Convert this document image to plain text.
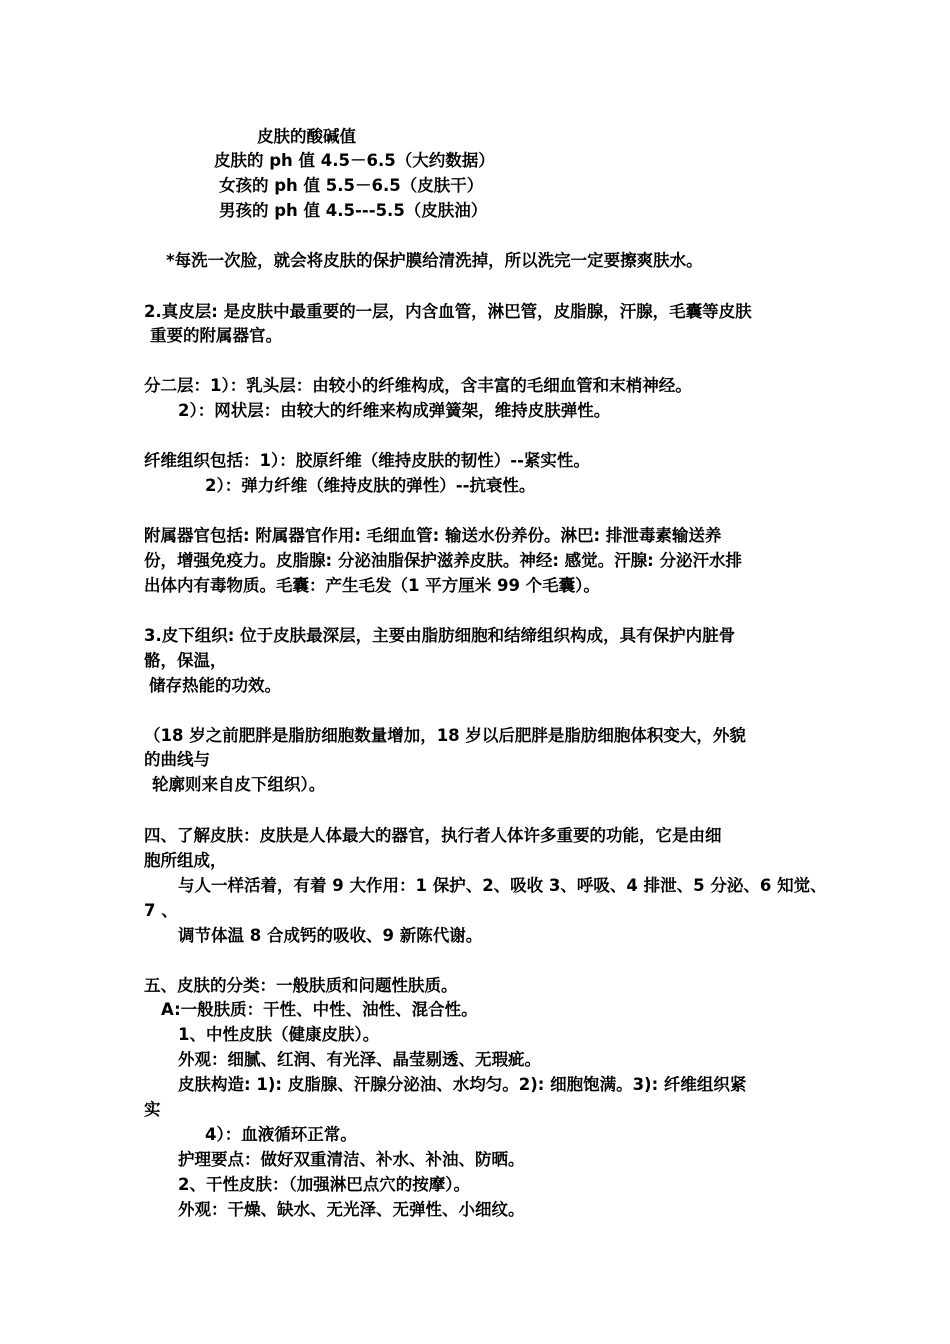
皮肤的酸碱值
皮肤的 ph 值 4.5－6.5（大约数据）
女孩的 ph 值 5.5－6.5（皮肤干）
男孩的 ph 值 4.5---5.5（皮肤油）
*每洗一次脸，就会将皮肤的保护膜给清洗掉，所以洗完一定要擦爽肤水。
2.真皮层: 是皮肤中最重要的一层，内含血管，淋巴管，皮脂腺，汗腺，毛囊等皮肤
重要的附属器官。
分二层：1）：乳头层：由较小的纤维构成，含丰富的毛细血管和末梢神经。
2）：网状层：由较大的纤维来构成弹簧架，维持皮肤弹性。
纤维组织包括：1）：胶原纤维（维持皮肤的韧性）--紧实性。
2）：弹力纤维（维持皮肤的弹性）--抗衰性。
附属器官包括: 附属器官作用: 毛细血管: 输送水份养份。淋巴: 排泄毒素输送养
份，增强免疫力。皮脂腺: 分泌油脂保护滋养皮肤。神经: 感觉。汗腺: 分泌汗水排
出体内有毒物质。毛囊：产生毛发（1 平方厘米 99 个毛囊）。
3.皮下组织: 位于皮肤最深层，主要由脂肪细胞和结缔组织构成，具有保护内脏骨
骼，保温，
储存热能的功效。
（18 岁之前肥胖是脂肪细胞数量增加，18 岁以后肥胖是脂肪细胞体积变大，外貌
的曲线与
轮廓则来自皮下组织）。
四、了解皮肤：皮肤是人体最大的器官，执行者人体许多重要的功能，它是由细
胞所组成，
与人一样活着，有着 9 大作用：1 保护、2、吸收 3、呼吸、4 排泄、5 分泌、6 知觉、
7 、
调节体温 8 合成钙的吸收、9 新陈代谢。
五、皮肤的分类：一般肤质和问题性肤质。
A:一般肤质：干性、中性、油性、混合性。
1、中性皮肤（健康皮肤）。
外观：细腻、红润、有光泽、晶莹剔透、无瑕疵。
皮肤构造: 1): 皮脂腺、汗腺分泌油、水均匀。2): 细胞饱满。3): 纤维组织紧
实
4）：血液循环正常。
护理要点：做好双重清洁、补水、补油、防晒。
2、干性皮肤：（加强淋巴点穴的按摩）。
外观：干燥、缺水、无光泽、无弹性、小细纹。
